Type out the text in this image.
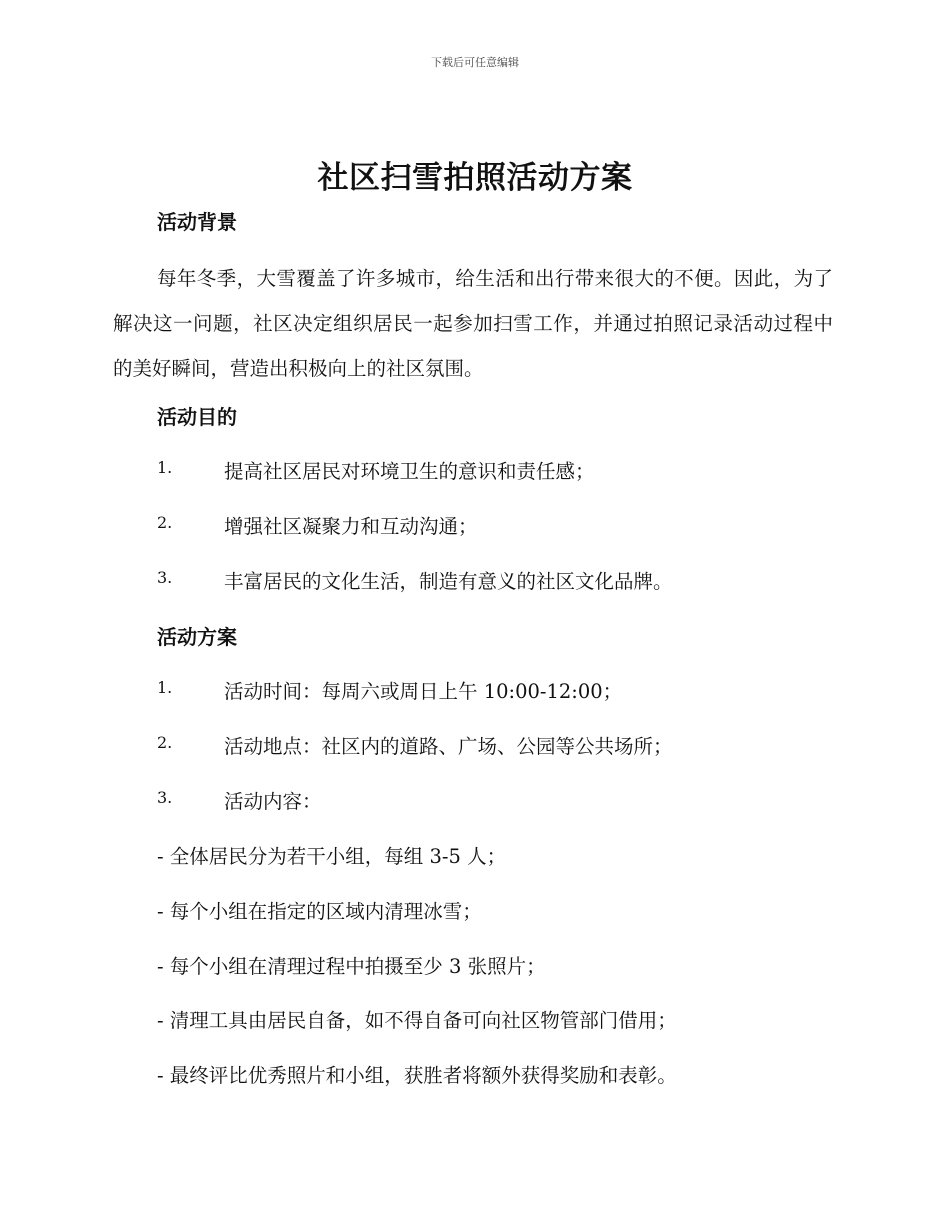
下载后可任意编辑
社区扫雪拍照活动方案
活动背景
每年冬季，大雪覆盖了许多城市，给生活和出行带来很大的不便。因此，为了解决这一问题，社区决定组织居民一起参加扫雪工作，并通过拍照记录活动过程中的美好瞬间，营造出积极向上的社区氛围。
活动目的
1.	提高社区居民对环境卫生的意识和责任感；
2.	增强社区凝聚力和互动沟通；
3.	丰富居民的文化生活，制造有意义的社区文化品牌。
活动方案
1.	活动时间：每周六或周日上午 10:00-12:00；
2.	活动地点：社区内的道路、广场、公园等公共场所；
3.	活动内容：
- 全体居民分为若干小组，每组 3-5 人；
- 每个小组在指定的区域内清理冰雪；
- 每个小组在清理过程中拍摄至少 3 张照片；
- 清理工具由居民自备，如不得自备可向社区物管部门借用；
- 最终评比优秀照片和小组，获胜者将额外获得奖励和表彰。
